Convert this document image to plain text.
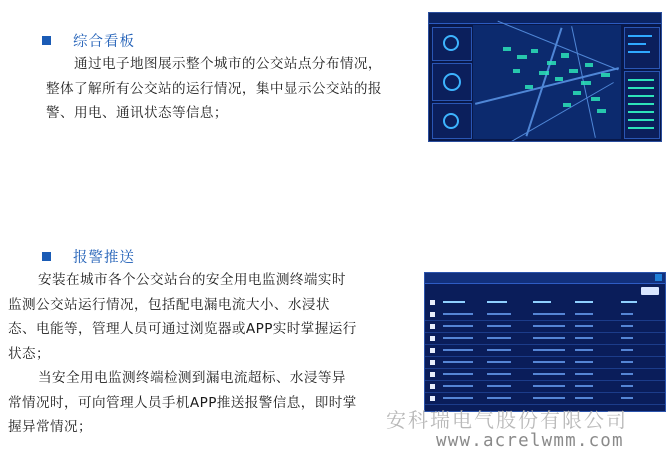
综合看板

通过电子地图展示整个城市的公交站点分布情况，

整体了解所有公交站的运行情况，集中显示公交站的报

警、用电、通讯状态等信息；

报警推送

安装在城市各个公交站台的安全用电监测终端实时

监测公交站运行情况，包括配电漏电流大小、水浸状

态、电能等，管理人员可通过浏览器或APP实时掌握运行

状态；

当安全用电监测终端检测到漏电流超标、水浸等异

常情况时，可向管理人员手机APP推送报警信息，即时掌

握异常情况；	安科瑞电气股份有限公司
www.acrelwmm.com
